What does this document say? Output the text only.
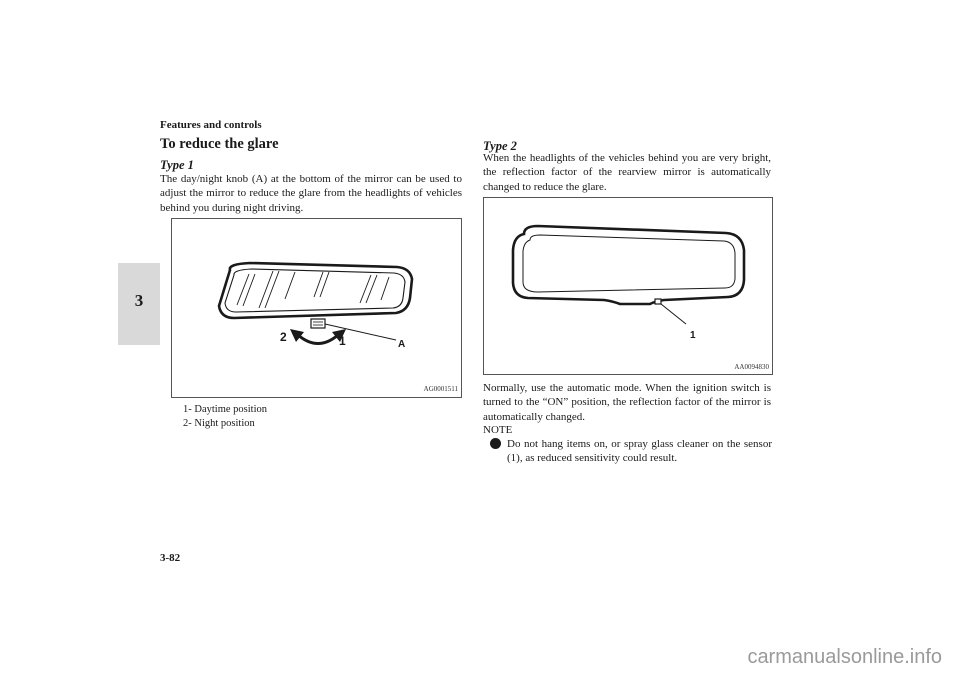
Features and controls
3
To reduce the glare
Type 1
The day/night knob (A) at the bottom of the mirror can be used to adjust the mirror to reduce the glare from the headlights of vehicles behind you during night driving.
2	1	A
AG0001511
1- Daytime position
2- Night position
Type 2
When the headlights of the vehicles behind you are very bright, the reflection factor of the rearview mirror is automatically changed to reduce the glare.
1
AA0094830
Normally, use the automatic mode. When the ignition switch is turned to the “ON” position, the reflection factor of the mirror is automatically changed.
NOTE
Do not hang items on, or spray glass cleaner on the sensor (1), as reduced sensitivity could result.
3-82
carmanualsonline.info
